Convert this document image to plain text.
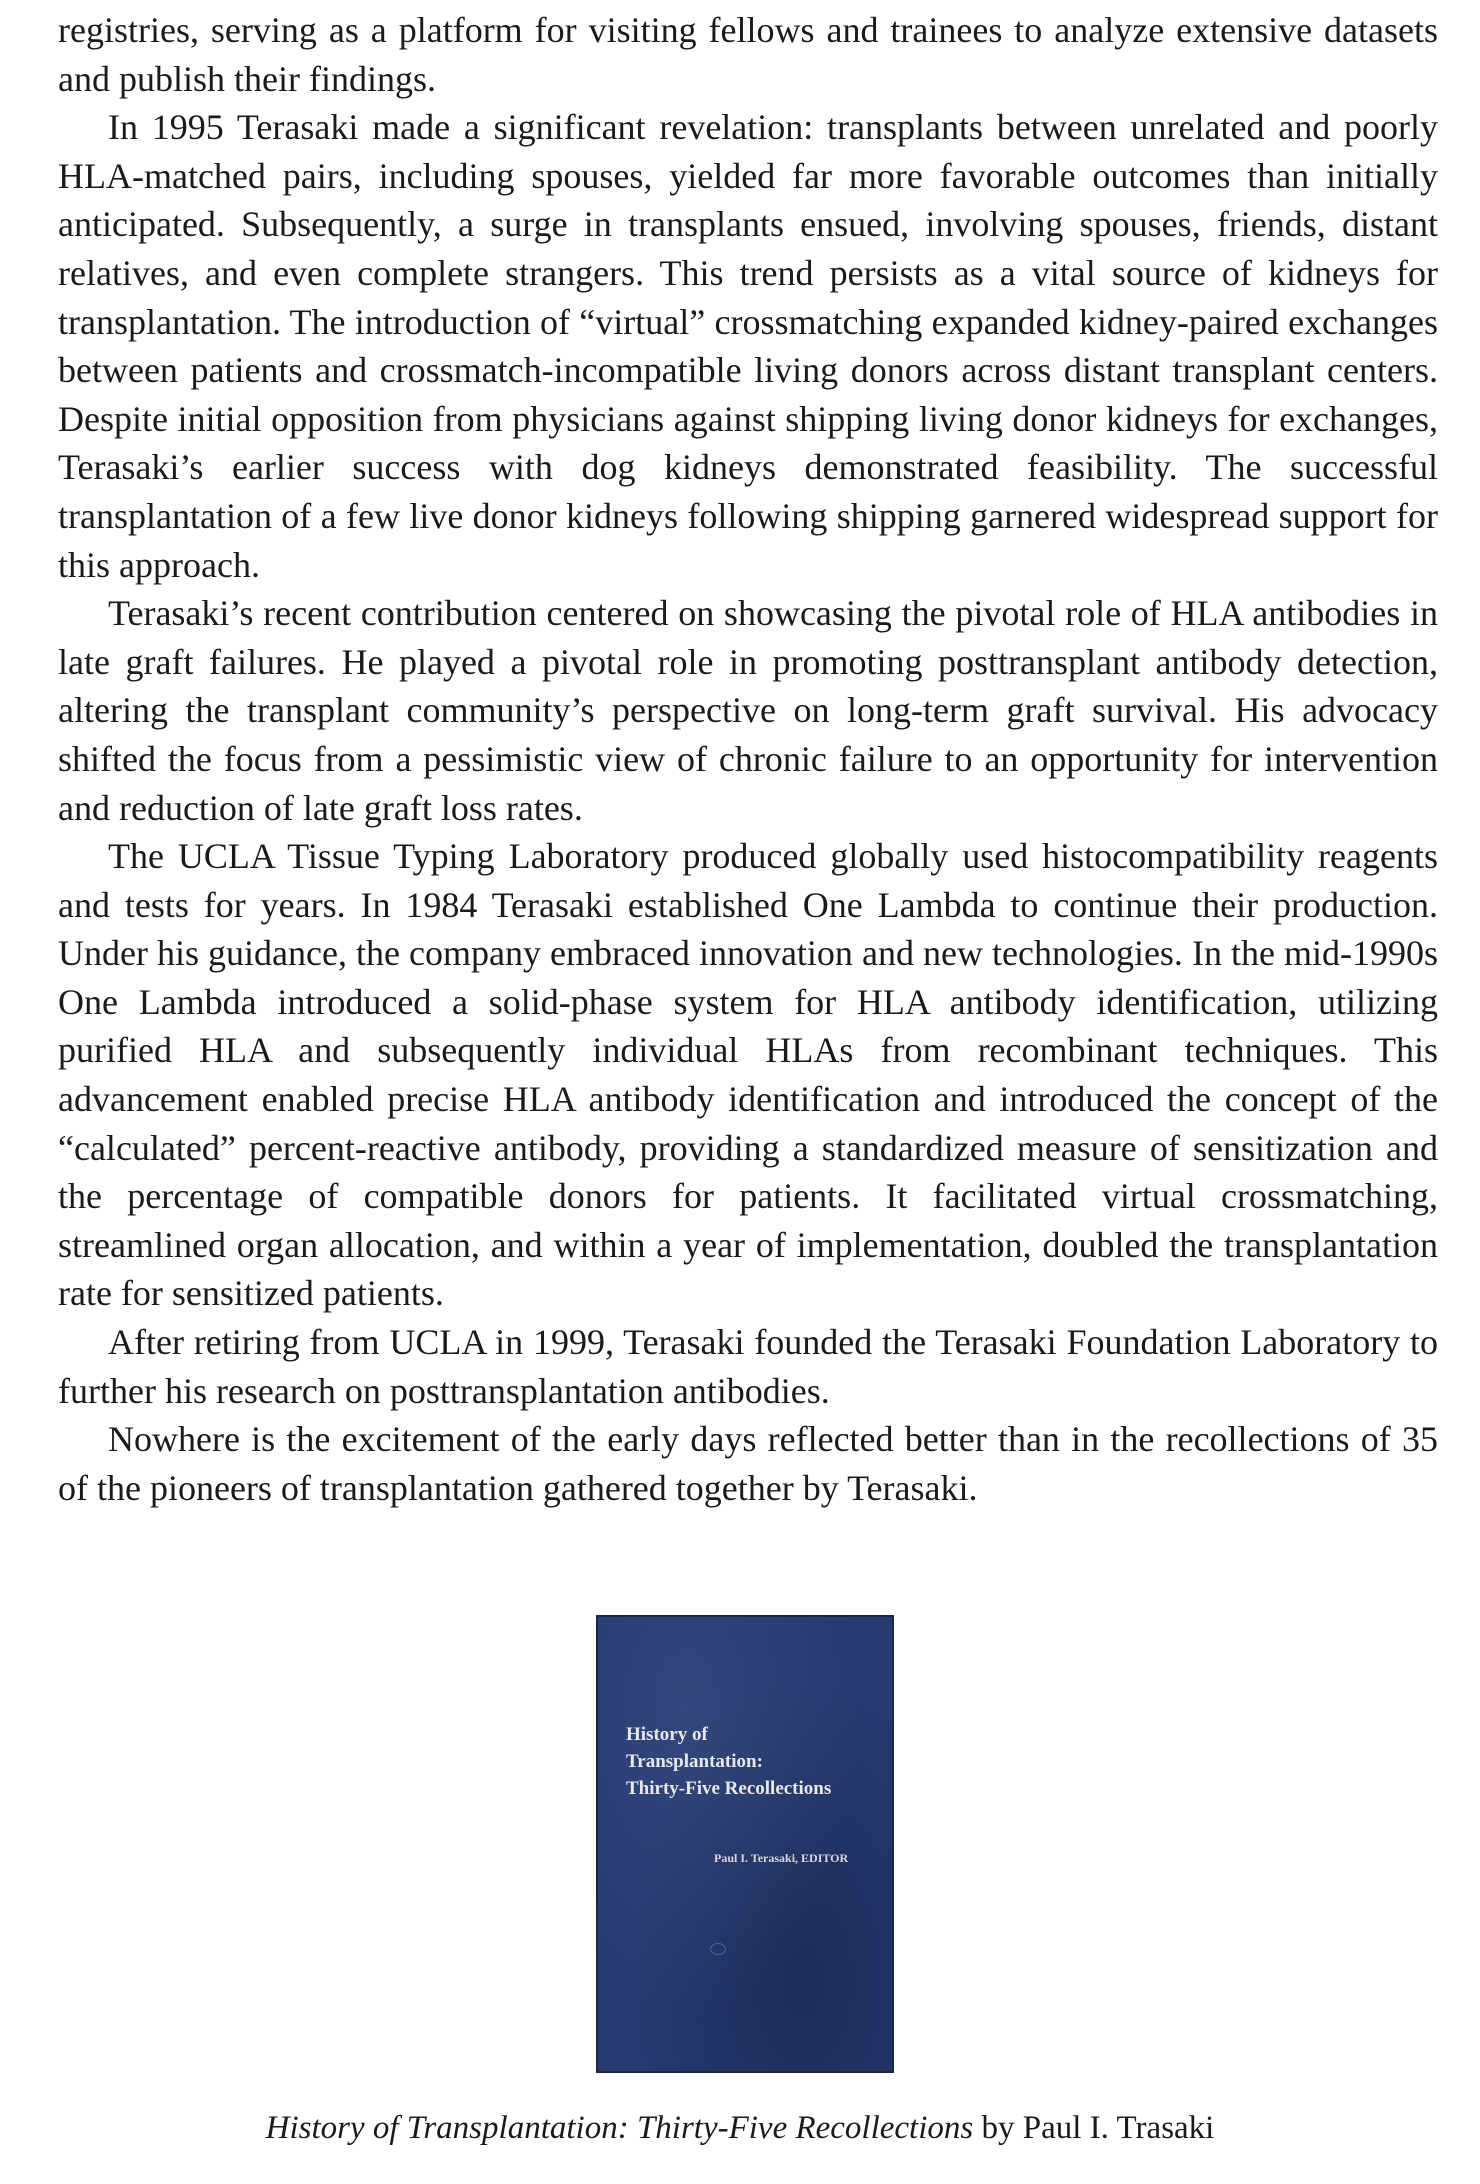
registries, serving as a platform for visiting fellows and trainees to analyze extensive datasets and publish their findings.

In 1995 Terasaki made a significant revelation: transplants between unrelated and poorly HLA-matched pairs, including spouses, yielded far more favorable outcomes than initially anticipated. Subsequently, a surge in transplants ensued, involving spouses, friends, distant relatives, and even complete strangers. This trend persists as a vital source of kidneys for transplantation. The introduction of “virtual” crossmatching expanded kidney-paired exchanges between patients and crossmatch-incompatible living donors across distant transplant centers. Despite initial opposition from physicians against shipping living donor kidneys for exchanges, Terasaki’s earlier success with dog kidneys demonstrated feasibility. The successful transplantation of a few live donor kidneys following shipping garnered widespread support for this approach.

Terasaki’s recent contribution centered on showcasing the pivotal role of HLA antibodies in late graft failures. He played a pivotal role in promoting posttransplant antibody detection, altering the transplant community’s perspective on long-term graft survival. His advocacy shifted the focus from a pessimistic view of chronic failure to an opportunity for intervention and reduction of late graft loss rates.

The UCLA Tissue Typing Laboratory produced globally used histocompatibility reagents and tests for years. In 1984 Terasaki established One Lambda to continue their production. Under his guidance, the company embraced innovation and new technologies. In the mid-1990s One Lambda introduced a solid-phase system for HLA antibody identification, utilizing purified HLA and subsequently individual HLAs from recombinant techniques. This advancement enabled precise HLA antibody identification and introduced the concept of the “calculated” percent-reactive antibody, providing a standardized measure of sensitization and the percentage of compatible donors for patients. It facilitated virtual crossmatching, streamlined organ allocation, and within a year of implementation, doubled the transplantation rate for sensitized patients.

After retiring from UCLA in 1999, Terasaki founded the Terasaki Foundation Laboratory to further his research on posttransplantation antibodies.

Nowhere is the excitement of the early days reflected better than in the recollections of 35 of the pioneers of transplantation gathered together by Terasaki.

History of
Transplantation:
Thirty-Five Recollections

Paul I. Terasaki, EDITOR

History of Transplantation: Thirty-Five Recollections by Paul I. Trasaki
